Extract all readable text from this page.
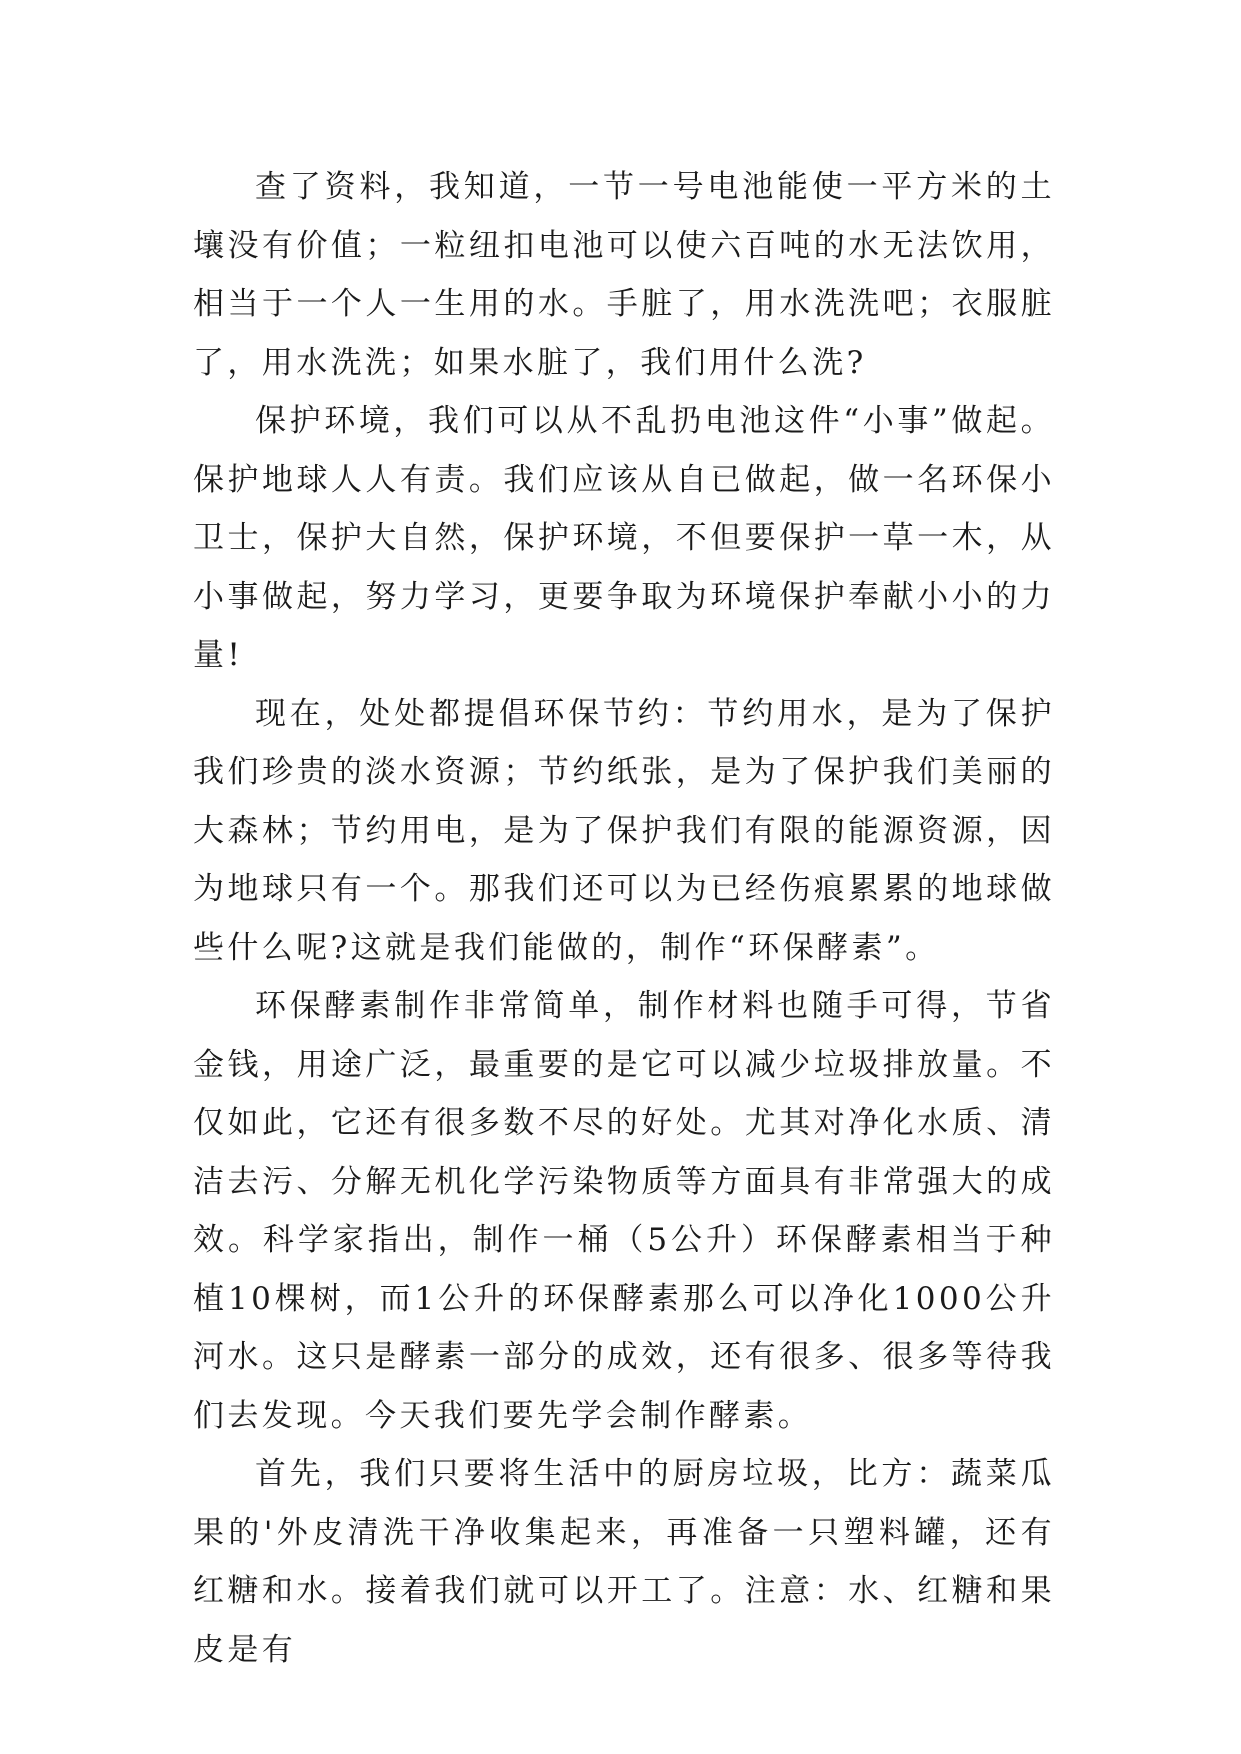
查了资料，我知道，一节一号电池能使一平方米的土壤没有价值；一粒纽扣电池可以使六百吨的水无法饮用，相当于一个人一生用的水。手脏了，用水洗洗吧；衣服脏了，用水洗洗；如果水脏了，我们用什么洗?

保护环境，我们可以从不乱扔电池这件“小事”做起。保护地球人人有责。我们应该从自已做起，做一名环保小卫士，保护大自然，保护环境，不但要保护一草一木，从小事做起，努力学习，更要争取为环境保护奉献小小的力量!

现在，处处都提倡环保节约：节约用水，是为了保护我们珍贵的淡水资源；节约纸张，是为了保护我们美丽的大森林；节约用电，是为了保护我们有限的能源资源，因为地球只有一个。那我们还可以为已经伤痕累累的地球做些什么呢?这就是我们能做的，制作“环保酵素”。

环保酵素制作非常简单，制作材料也随手可得，节省金钱，用途广泛，最重要的是它可以减少垃圾排放量。不仅如此，它还有很多数不尽的好处。尤其对净化水质、清洁去污、分解无机化学污染物质等方面具有非常强大的成效。科学家指出，制作一桶（5公升）环保酵素相当于种植10棵树，而1公升的环保酵素那么可以净化1000公升河水。这只是酵素一部分的成效，还有很多、很多等待我们去发现。今天我们要先学会制作酵素。

首先，我们只要将生活中的厨房垃圾，比方：蔬菜瓜果的'外皮清洗干净收集起来，再准备一只塑料罐，还有红糖和水。接着我们就可以开工了。注意：水、红糖和果皮是有
